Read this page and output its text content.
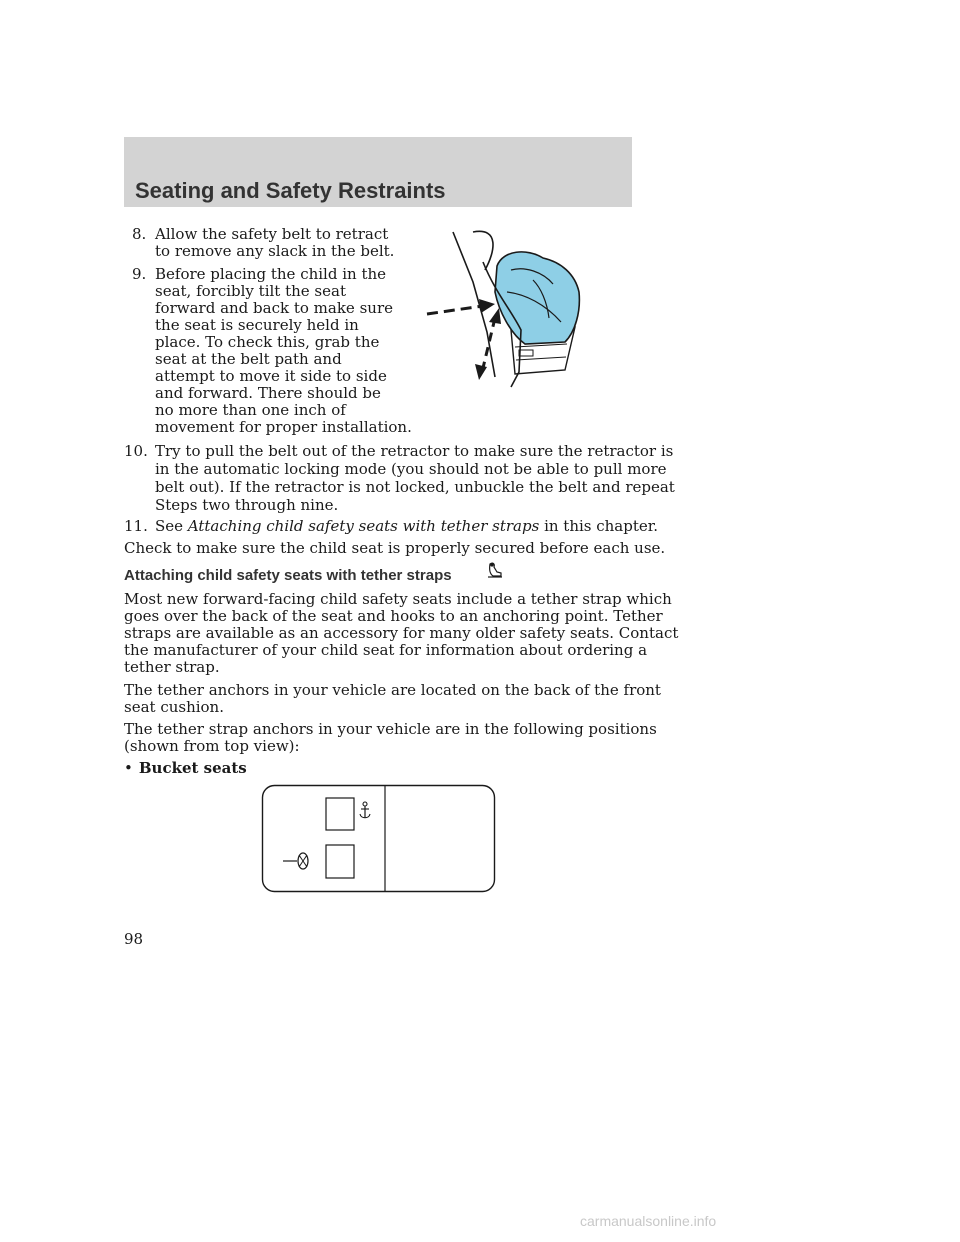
Seating and Safety Restraints
8. Allow the safety belt to retract
to remove any slack in the belt.
9. Before placing the child in the
seat, forcibly tilt the seat
forward and back to make sure
the seat is securely held in
place. To check this, grab the
seat at the belt path and
attempt to move it side to side
and forward. There should be
no more than one inch of
movement for proper installation.
10. Try to pull the belt out of the retractor to make sure the retractor is
in the automatic locking mode (you should not be able to pull more
belt out). If the retractor is not locked, unbuckle the belt and repeat
Steps two through nine.
11. See Attaching child safety seats with tether straps in this chapter.
Check to make sure the child seat is properly secured before each use.
Attaching child safety seats with tether straps
Most new forward-facing child safety seats include a tether strap which
goes over the back of the seat and hooks to an anchoring point. Tether
straps are available as an accessory for many older safety seats. Contact
the manufacturer of your child seat for information about ordering a
tether strap.
The tether anchors in your vehicle are located on the back of the front
seat cushion.
The tether strap anchors in your vehicle are in the following positions
(shown from top view):
• Bucket seats
98
carmanualsonline.info
